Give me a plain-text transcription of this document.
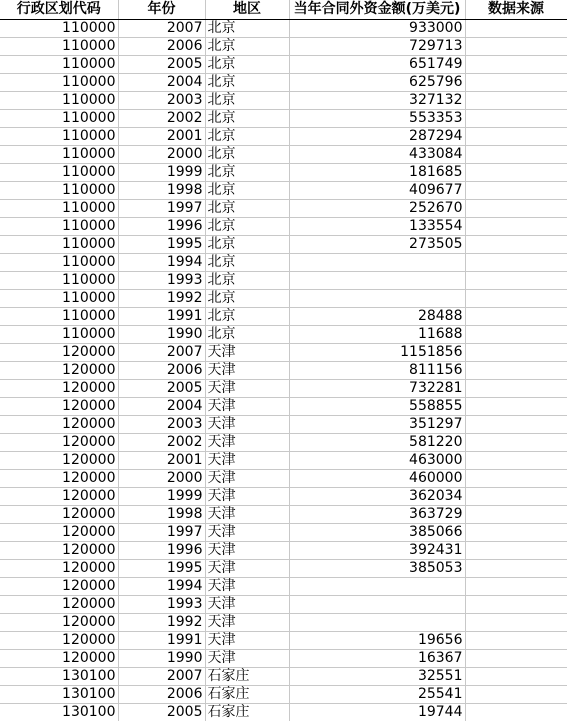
行政区划代码	年份	地区	当年合同外资金额(万美元)	数据来源
110000	2007	北京	933000	
110000	2006	北京	729713	
110000	2005	北京	651749	
110000	2004	北京	625796	
110000	2003	北京	327132	
110000	2002	北京	553353	
110000	2001	北京	287294	
110000	2000	北京	433084	
110000	1999	北京	181685	
110000	1998	北京	409677	
110000	1997	北京	252670	
110000	1996	北京	133554	
110000	1995	北京	273505	
110000	1994	北京		
110000	1993	北京		
110000	1992	北京		
110000	1991	北京	28488	
110000	1990	北京	11688	
120000	2007	天津	1151856	
120000	2006	天津	811156	
120000	2005	天津	732281	
120000	2004	天津	558855	
120000	2003	天津	351297	
120000	2002	天津	581220	
120000	2001	天津	463000	
120000	2000	天津	460000	
120000	1999	天津	362034	
120000	1998	天津	363729	
120000	1997	天津	385066	
120000	1996	天津	392431	
120000	1995	天津	385053	
120000	1994	天津		
120000	1993	天津		
120000	1992	天津		
120000	1991	天津	19656	
120000	1990	天津	16367	
130100	2007	石家庄	32551	
130100	2006	石家庄	25541	
130100	2005	石家庄	19744	
